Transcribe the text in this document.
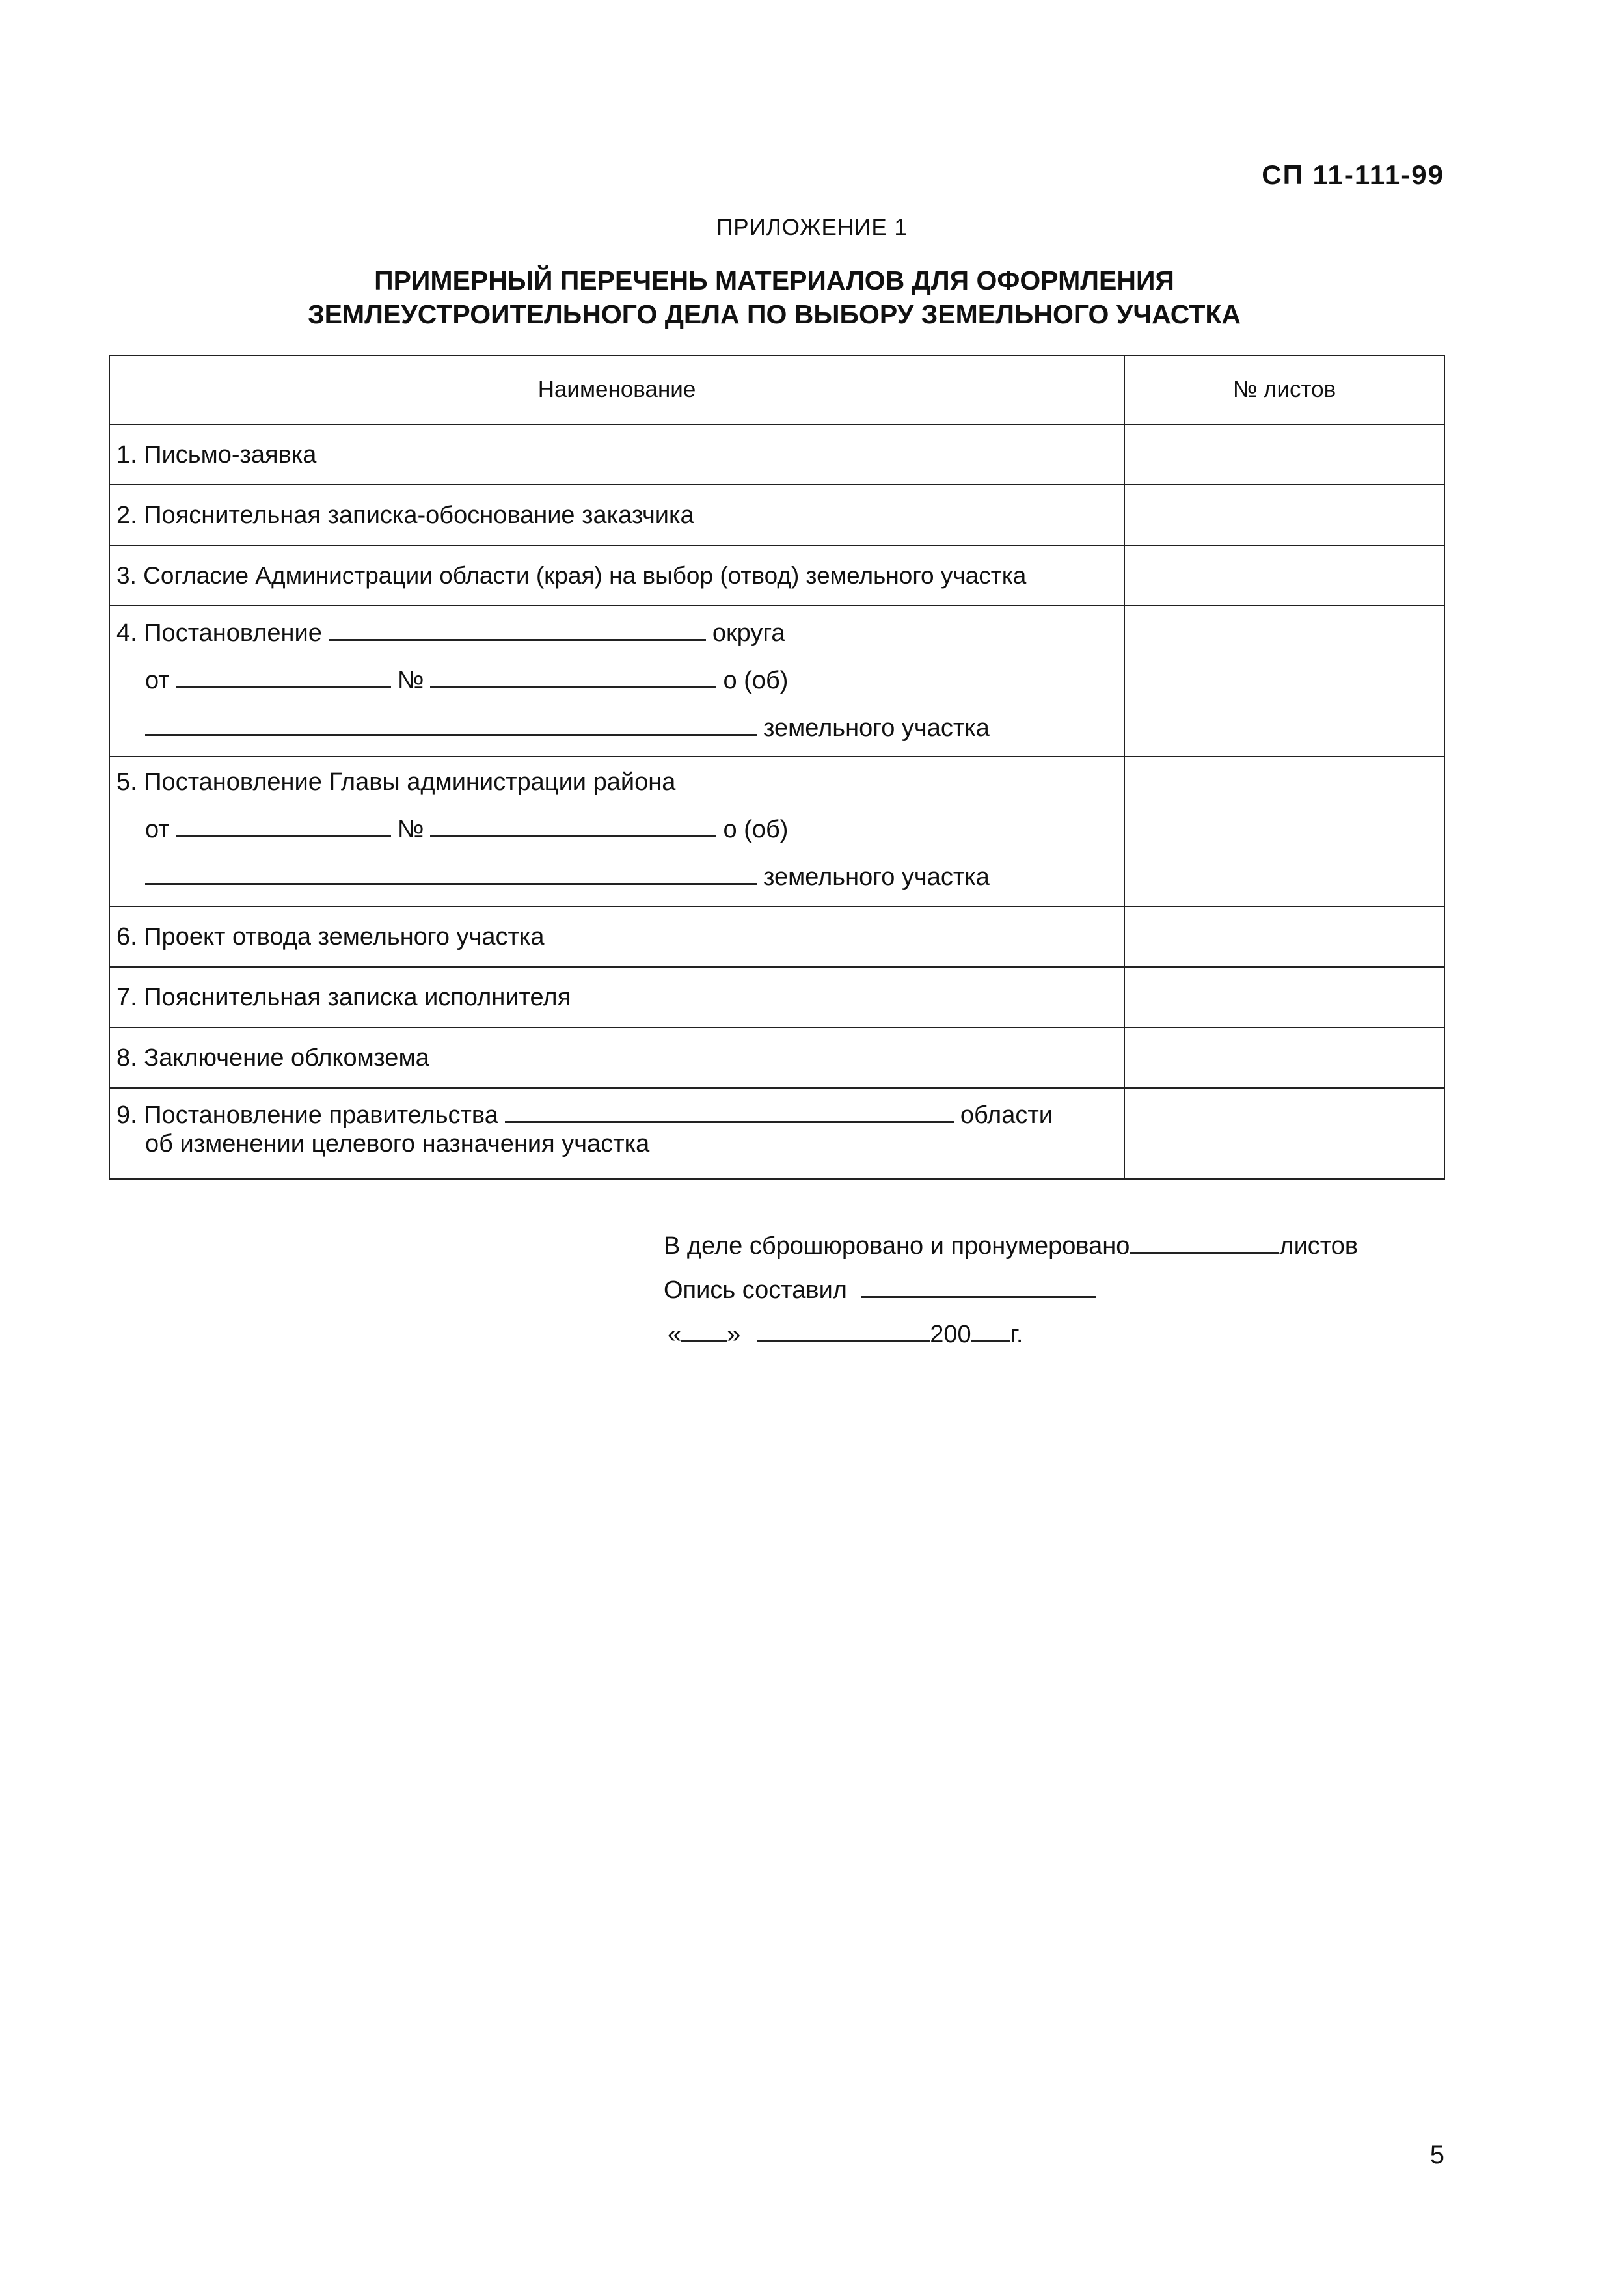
СП 11-111-99
ПРИЛОЖЕНИЕ 1
ПРИМЕРНЫЙ ПЕРЕЧЕНЬ МАТЕРИАЛОВ ДЛЯ ОФОРМЛЕНИЯ
ЗЕМЛЕУСТРОИТЕЛЬНОГО ДЕЛА ПО ВЫБОРУ ЗЕМЕЛЬНОГО УЧАСТКА
Наименование	№ листов
1. Письмо-заявка	
2. Пояснительная записка-обоснование заказчика	
3. Согласие Администрации области (края) на выбор (отвод) земельного участка	

4. Постановление округа
от № о (об)
земельного участка	

5. Постановление Главы администрации района
от № о (об)
земельного участка	

6. Проект отвода земельного участка	
7. Пояснительная записка исполнителя	
8. Заключение облкомзема	

9. Постановление правительства области
об изменении целевого назначения участка	

В деле сброшюровано и пронумеровано	листов
Опись составил
« »	200 г.
5
